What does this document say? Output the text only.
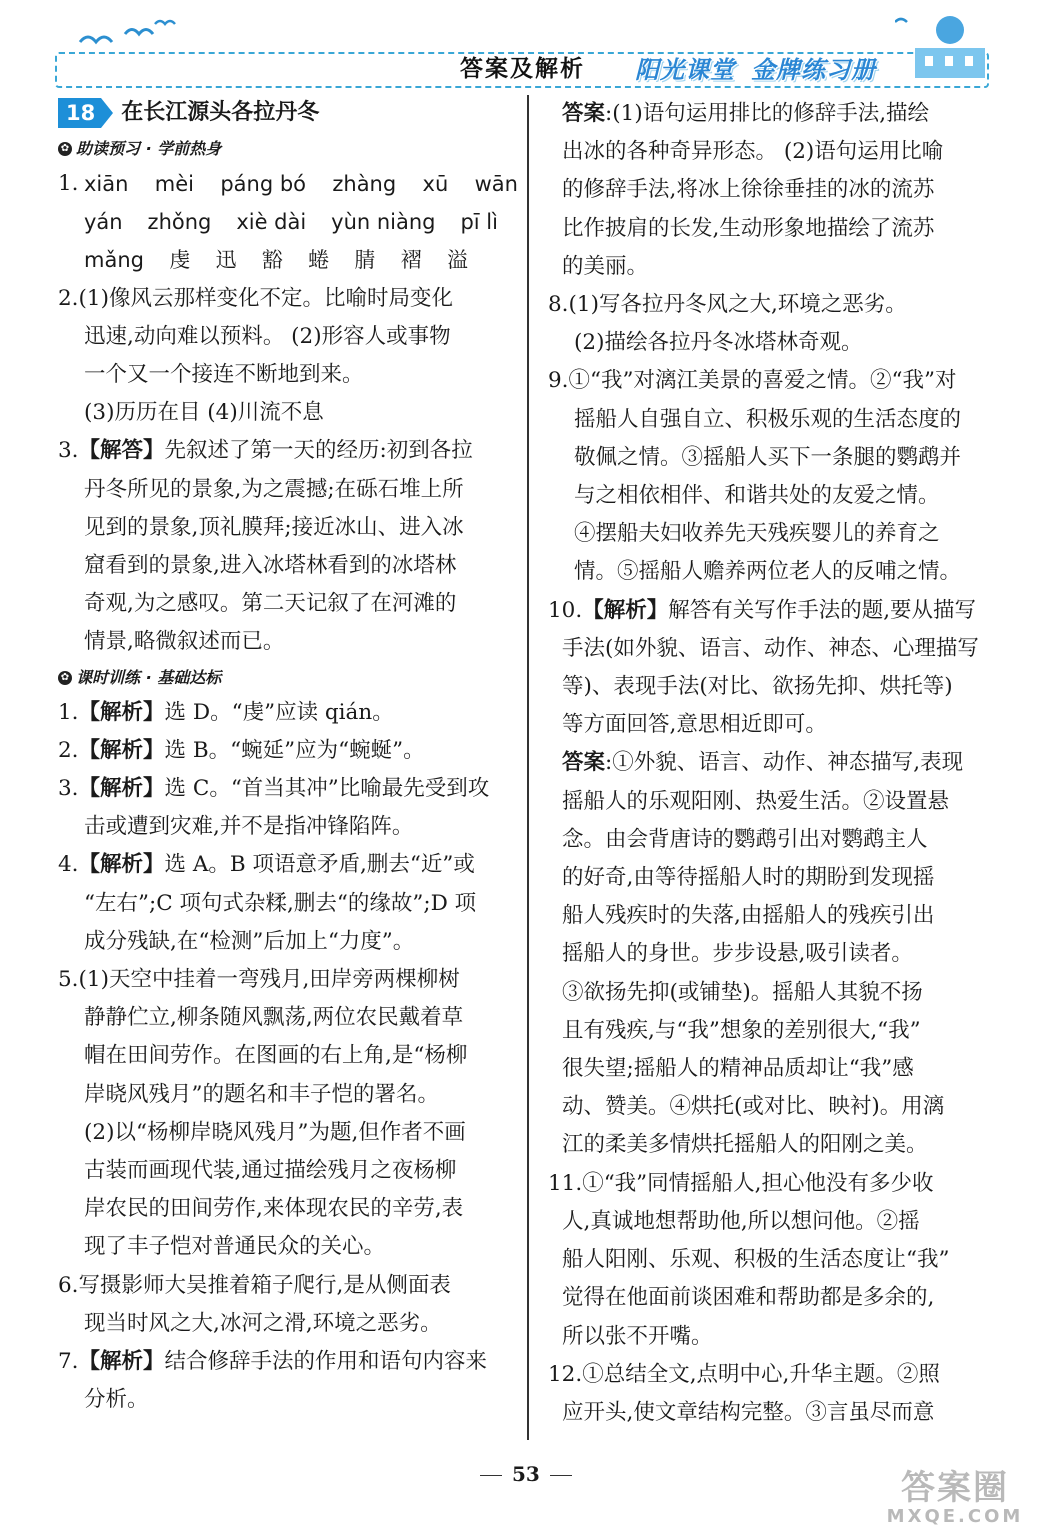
答案及解析 阳光课堂 金牌练习册
18 在长江源头各拉丹冬
✿ 助读预习 · 学前热身
1. xiān mèi páng bó zhàng xū wān
yán zhǒng xiè dài yùn niàng pī lì
mǎng 虔 迅 豁 蜷 腈 褶 溢

2.(1)像风云那样变化不定。比喻时局变化

迅速,动向难以预料。 (2)形容人或事物

一个又一个接连不断地到来。

(3)历历在目 (4)川流不息

3.【解答】先叙述了第一天的经历:初到各拉

丹冬所见的景象,为之震撼;在砾石堆上所

见到的景象,顶礼膜拜;接近冰山、进入冰

窟看到的景象,进入冰塔林看到的冰塔林

奇观,为之感叹。第二天记叙了在河滩的

情景,略微叙述而已。

✿ 课时训练 · 基础达标

1.【解析】选 D。“虔”应读 qián。

2.【解析】选 B。“蜿延”应为“蜿蜒”。

3.【解析】选 C。“首当其冲”比喻最先受到攻

击或遭到灾难,并不是指冲锋陷阵。

4.【解析】选 A。B 项语意矛盾,删去“近”或

“左右”;C 项句式杂糅,删去“的缘故”;D 项

成分残缺,在“检测”后加上“力度”。

5.(1)天空中挂着一弯残月,田岸旁两棵柳树

静静伫立,柳条随风飘荡,两位农民戴着草

帽在田间劳作。在图画的右上角,是“杨柳

岸晓风残月”的题名和丰子恺的署名。

(2)以“杨柳岸晓风残月”为题,但作者不画

古装而画现代装,通过描绘残月之夜杨柳

岸农民的田间劳作,来体现农民的辛劳,表

现了丰子恺对普通民众的关心。

6.写摄影师大吴推着箱子爬行,是从侧面表

现当时风之大,冰河之滑,环境之恶劣。

7.【解析】结合修辞手法的作用和语句内容来

分析。

答案:(1)语句运用排比的修辞手法,描绘

出冰的各种奇异形态。 (2)语句运用比喻

的修辞手法,将冰上徐徐垂挂的冰的流苏

比作披肩的长发,生动形象地描绘了流苏

的美丽。

8.(1)写各拉丹冬风之大,环境之恶劣。

(2)描绘各拉丹冬冰塔林奇观。

9.①“我”对漓江美景的喜爱之情。②“我”对

摇船人自强自立、积极乐观的生活态度的

敬佩之情。③摇船人买下一条腿的鹦鹉并

与之相依相伴、和谐共处的友爱之情。

④摆船夫妇收养先天残疾婴儿的养育之

情。⑤摇船人赡养两位老人的反哺之情。

10.【解析】解答有关写作手法的题,要从描写

手法(如外貌、语言、动作、神态、心理描写

等)、表现手法(对比、欲扬先抑、烘托等)

等方面回答,意思相近即可。

答案:①外貌、语言、动作、神态描写,表现

摇船人的乐观阳刚、热爱生活。②设置悬

念。由会背唐诗的鹦鹉引出对鹦鹉主人

的好奇,由等待摇船人时的期盼到发现摇

船人残疾时的失落,由摇船人的残疾引出

摇船人的身世。步步设悬,吸引读者。

③欲扬先抑(或铺垫)。摇船人其貌不扬

且有残疾,与“我”想象的差别很大,“我”

很失望;摇船人的精神品质却让“我”感

动、赞美。④烘托(或对比、映衬)。用漓

江的柔美多情烘托摇船人的阳刚之美。

11.①“我”同情摇船人,担心他没有多少收

人,真诚地想帮助他,所以想问他。②摇

船人阳刚、乐观、积极的生活态度让“我”

觉得在他面前谈困难和帮助都是多余的,

所以张不开嘴。

12.①总结全文,点明中心,升华主题。②照

应开头,使文章结构完整。③言虽尽而意

53	答案圈
MXQE.COM
